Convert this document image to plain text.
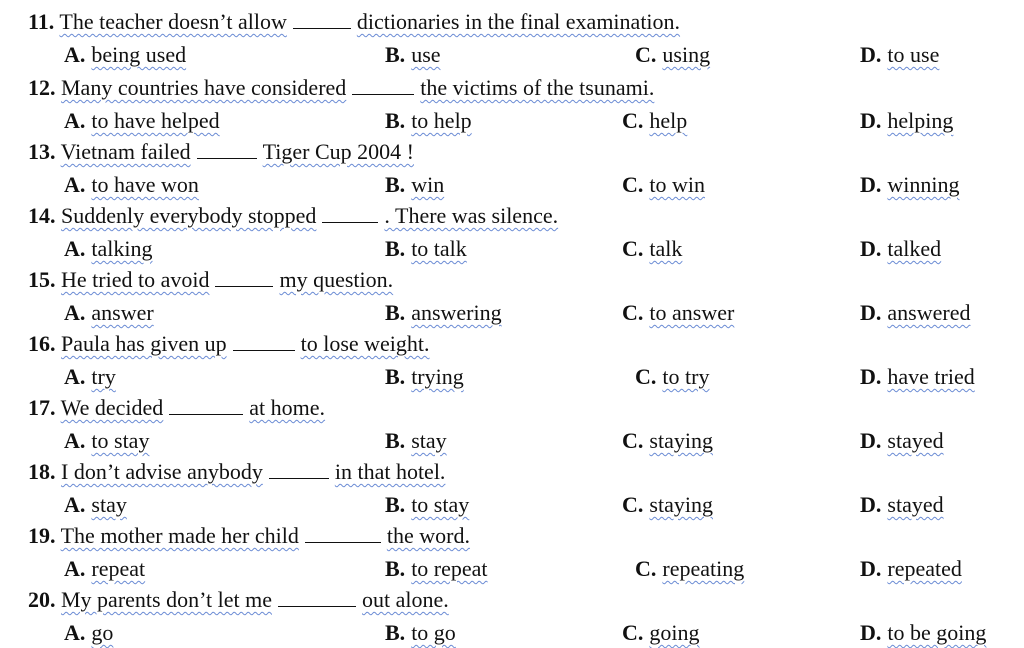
11. The teacher doesn’t allow	dictionaries in the final examination.
A. being used	B. use	C. using	D. to use
12. Many countries have considered	the victims of the tsunami.
A. to have helped	B. to help	C. help	D. helping
13. Vietnam failed	Tiger Cup 2004 !
A. to have won	B. win	C. to win	D. winning
14. Suddenly everybody stopped	. There was silence.
A. talking	B. to talk	C. talk	D. talked
15. He tried to avoid	my question.
A. answer	B. answering	C. to answer	D. answered
16. Paula has given up	to lose weight.
A. try	B. trying	C. to try	D. have tried
17. We decided	at home.
A. to stay	B. stay	C. staying	D. stayed
18. I don’t advise anybody	in that hotel.
A. stay	B. to stay	C. staying	D. stayed
19. The mother made her child	the word.
A. repeat	B. to repeat	C. repeating	D. repeated
20. My parents don’t let me	out alone.
A. go	B. to go	C. going	D. to be going
